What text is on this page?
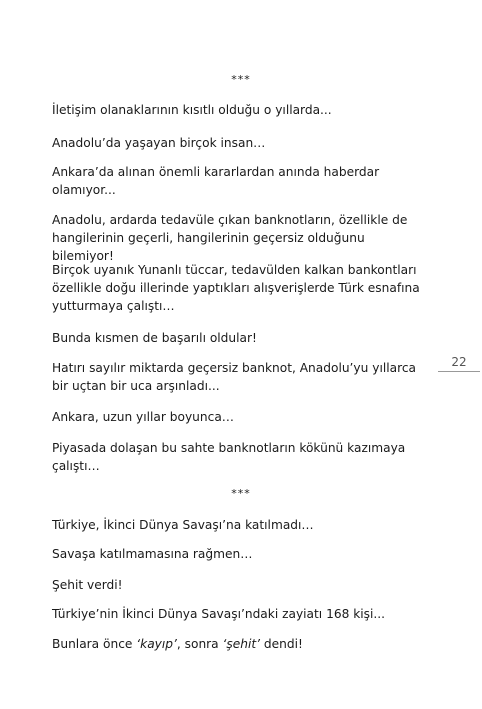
***

İletişim olanaklarının kısıtlı olduğu o yıllarda...

Anadolu’da yaşayan birçok insan…

Ankara’da alınan önemli kararlardan anında haberdar olamıyor...

Anadolu, ardarda tedavüle çıkan banknotların, özellikle de hangilerinin geçerli, hangilerinin geçersiz olduğunu bilemiyor!

Birçok uyanık Yunanlı tüccar, tedavülden kalkan bankontları özellikle doğu illerinde yaptıkları alışverişlerde Türk esnafına yutturmaya çalıştı…

Bunda kısmen de başarılı oldular!

Hatırı sayılır miktarda geçersiz banknot, Anadolu’yu yıllarca bir uçtan bir uca arşınladı...

Ankara, uzun yıllar boyunca…

Piyasada dolaşan bu sahte banknotların kökünü kazımaya çalıştı…

***

Türkiye, İkinci Dünya Savaşı’na katılmadı…

Savaşa katılmamasına rağmen…

Şehit verdi!

Türkiye’nin İkinci Dünya Savaşı’ndaki zayiatı 168 kişi...

Bunlara önce ‘kayıp’, sonra ‘şehit’ dendi!

22
